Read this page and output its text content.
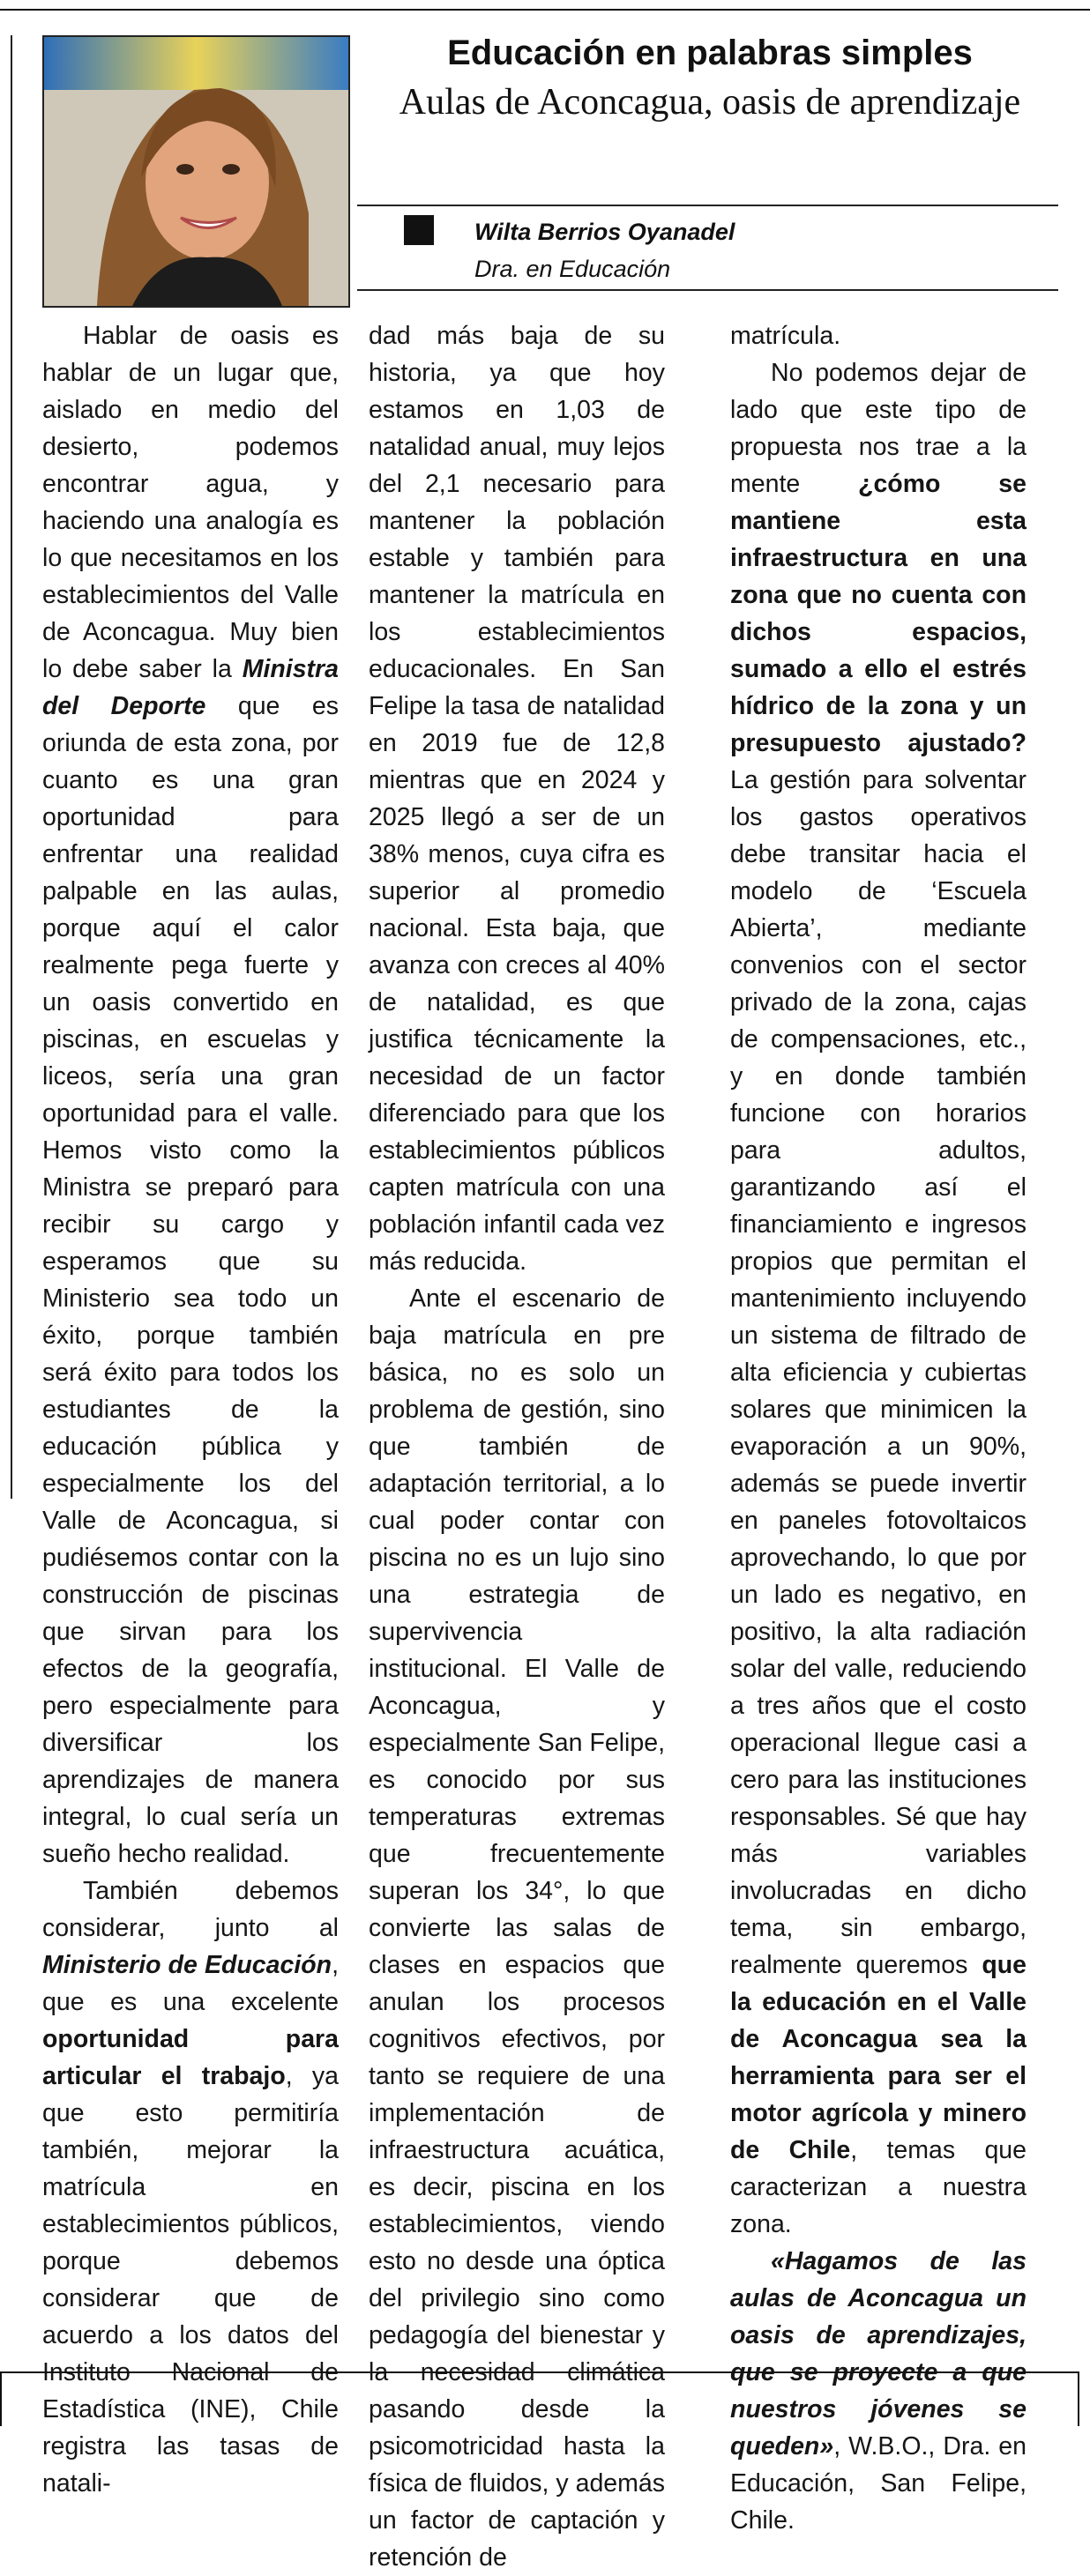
Educación en palabras simples
Aulas de Aconcagua, oasis de aprendizaje
Wilta Berrios Oyanadel
Dra. en Educación

Hablar de oasis es hablar de un lugar que, aislado en medio del desierto, podemos encontrar agua, y haciendo una analogía es lo que necesitamos en los establecimientos del Valle de Aconcagua. Muy bien lo debe saber la Ministra del Deporte que es oriunda de esta zona, por cuanto es una gran oportunidad para enfrentar una realidad palpable en las aulas, porque aquí el calor realmente pega fuerte y un oasis convertido en piscinas, en escuelas y liceos, sería una gran oportunidad para el valle. Hemos visto como la Ministra se preparó para recibir su cargo y esperamos que su Ministerio sea todo un éxito, porque también será éxito para todos los estudiantes de la educación pública y especialmente los del Valle de Aconcagua, si pudiésemos contar con la construcción de piscinas que sirvan para los efectos de la geografía, pero especialmente para diversificar los aprendizajes de manera integral, lo cual sería un sueño hecho realidad.

También debemos considerar, junto al Ministerio de Educación, que es una excelente oportunidad para articular el trabajo, ya que esto permitiría también, mejorar la matrícula en establecimientos públicos, porque debemos considerar que de acuerdo a los datos del Instituto Nacional de Estadística (INE), Chile registra las tasas de natali-

dad más baja de su historia, ya que hoy estamos en 1,03 de natalidad anual, muy lejos del 2,1 necesario para mantener la población estable y también para mantener la matrícula en los establecimientos educacionales. En San Felipe la tasa de natalidad en 2019 fue de 12,8 mientras que en 2024 y 2025 llegó a ser de un 38% menos, cuya cifra es superior al promedio nacional. Esta baja, que avanza con creces al 40% de natalidad, es que justifica técnicamente la necesidad de un factor diferenciado para que los establecimientos públicos capten matrícula con una población infantil cada vez más reducida.

Ante el escenario de baja matrícula en pre básica, no es solo un problema de gestión, sino que también de adaptación territorial, a lo cual poder contar con piscina no es un lujo sino una estrategia de supervivencia institucional. El Valle de Aconcagua, y especialmente San Felipe, es conocido por sus temperaturas extremas que frecuentemente superan los 34°, lo que convierte las salas de clases en espacios que anulan los procesos cognitivos efectivos, por tanto se requiere de una implementación de infraestructura acuática, es decir, piscina en los establecimientos, viendo esto no desde una óptica del privilegio sino como pedagogía del bienestar y la necesidad climática pasando desde la psicomotricidad hasta la física de fluidos, y además un factor de captación y retención de

matrícula.

No podemos dejar de lado que este tipo de propuesta nos trae a la mente ¿cómo se mantiene esta infraestructura en una zona que no cuenta con dichos espacios, sumado a ello el estrés hídrico de la zona y un presupuesto ajustado? La gestión para solventar los gastos operativos debe transitar hacia el modelo de ‘Escuela Abierta’, mediante convenios con el sector privado de la zona, cajas de compensaciones, etc., y en donde también funcione con horarios para adultos, garantizando así el financiamiento e ingresos propios que permitan el mantenimiento incluyendo un sistema de filtrado de alta eficiencia y cubiertas solares que minimicen la evaporación a un 90%, además se puede invertir en paneles fotovoltaicos aprovechando, lo que por un lado es negativo, en positivo, la alta radiación solar del valle, reduciendo a tres años que el costo operacional llegue casi a cero para las instituciones responsables. Sé que hay más variables involucradas en dicho tema, sin embargo, realmente queremos que la educación en el Valle de Aconcagua sea la herramienta para ser el motor agrícola y minero de Chile, temas que caracterizan a nuestra zona.

«Hagamos de las aulas de Aconcagua un oasis de aprendizajes, que se proyecte a que nuestros jóvenes se queden», W.B.O., Dra. en Educación, San Felipe, Chile.
